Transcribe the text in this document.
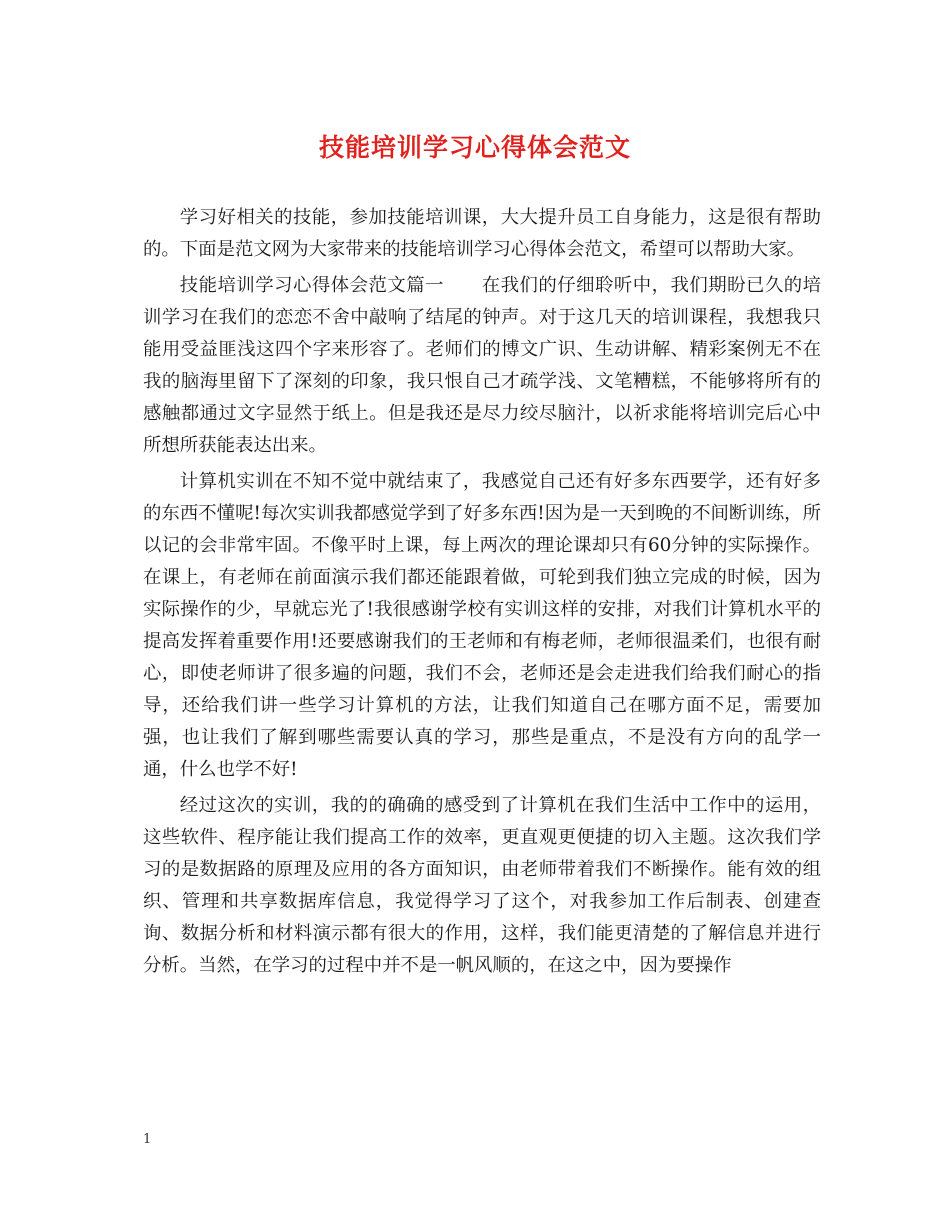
技能培训学习心得体会范文

学习好相关的技能，参加技能培训课，大大提升员工自身能力，这是很有帮助的。下面是范文网为大家带来的技能培训学习心得体会范文，希望可以帮助大家。

技能培训学习心得体会范文篇一　　在我们的仔细聆听中，我们期盼已久的培训学习在我们的恋恋不舍中敲响了结尾的钟声。对于这几天的培训课程，我想我只能用受益匪浅这四个字来形容了。老师们的博文广识、生动讲解、精彩案例无不在我的脑海里留下了深刻的印象，我只恨自己才疏学浅、文笔糟糕，不能够将所有的感触都通过文字显然于纸上。但是我还是尽力绞尽脑汁，以祈求能将培训完后心中所想所获能表达出来。

计算机实训在不知不觉中就结束了，我感觉自己还有好多东西要学，还有好多的东西不懂呢!每次实训我都感觉学到了好多东西!因为是一天到晚的不间断训练，所以记的会非常牢固。不像平时上课，每上两次的理论课却只有60分钟的实际操作。在课上，有老师在前面演示我们都还能跟着做，可轮到我们独立完成的时候，因为实际操作的少，早就忘光了!我很感谢学校有实训这样的安排，对我们计算机水平的提高发挥着重要作用!还要感谢我们的王老师和有梅老师，老师很温柔们，也很有耐心，即使老师讲了很多遍的问题，我们不会，老师还是会走进我们给我们耐心的指导，还给我们讲一些学习计算机的方法，让我们知道自己在哪方面不足，需要加强，也让我们了解到哪些需要认真的学习，那些是重点，不是没有方向的乱学一通，什么也学不好!

经过这次的实训，我的的确确的感受到了计算机在我们生活中工作中的运用，这些软件、程序能让我们提高工作的效率，更直观更便捷的切入主题。这次我们学习的是数据路的原理及应用的各方面知识，由老师带着我们不断操作。能有效的组织、管理和共享数据库信息，我觉得学习了这个，对我参加工作后制表、创建查询、数据分析和材料演示都有很大的作用，这样，我们能更清楚的了解信息并进行分析。当然，在学习的过程中并不是一帆风顺的，在这之中，因为要操作

1
